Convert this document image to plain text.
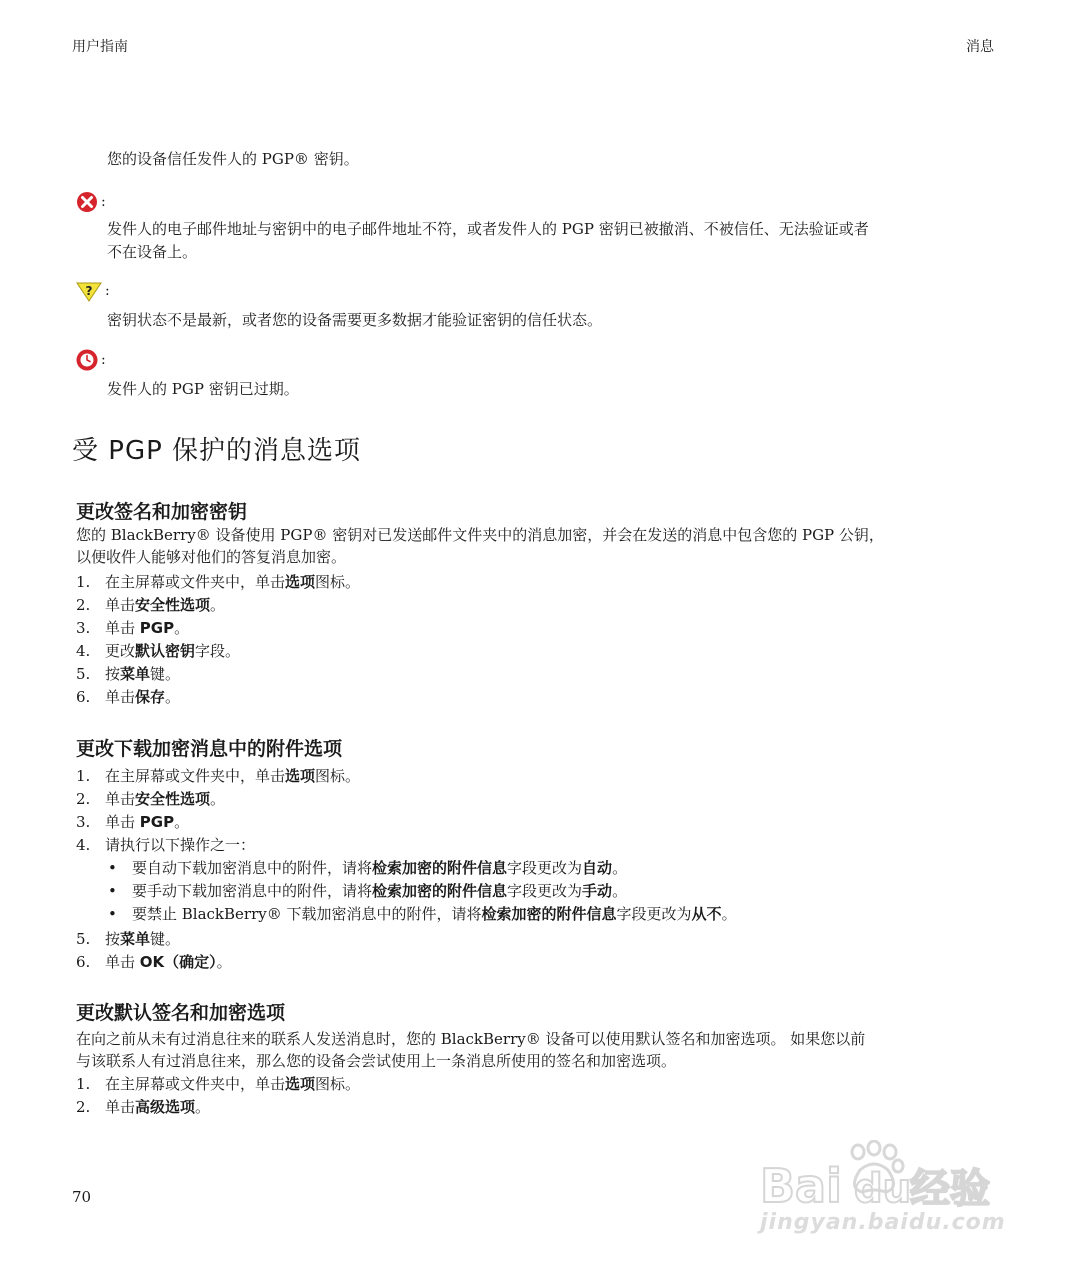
用户指南	消息
您的设备信任发件人的 PGP® 密钥。
:
发件人的电子邮件地址与密钥中的电子邮件地址不符，或者发件人的 PGP 密钥已被撤消、不被信任、无法验证或者
不在设备上。
? :
密钥状态不是最新，或者您的设备需要更多数据才能验证密钥的信任状态。
:
发件人的 PGP 密钥已过期。
受 PGP 保护的消息选项
更改签名和加密密钥
您的 BlackBerry® 设备使用 PGP® 密钥对已发送邮件文件夹中的消息加密，并会在发送的消息中包含您的 PGP 公钥，
以便收件人能够对他们的答复消息加密。
1. 在主屏幕或文件夹中，单击选项图标。
2. 单击安全性选项。
3. 单击 PGP。
4. 更改默认密钥字段。
5. 按菜单键。
6. 单击保存。
更改下载加密消息中的附件选项
1. 在主屏幕或文件夹中，单击选项图标。
2. 单击安全性选项。
3. 单击 PGP。
4. 请执行以下操作之一：
• 要自动下载加密消息中的附件，请将检索加密的附件信息字段更改为自动。
• 要手动下载加密消息中的附件，请将检索加密的附件信息字段更改为手动。
• 要禁止 BlackBerry® 下载加密消息中的附件，请将检索加密的附件信息字段更改为从不。
5. 按菜单键。
6. 单击 OK（确定）。
更改默认签名和加密选项
在向之前从未有过消息往来的联系人发送消息时，您的 BlackBerry® 设备可以使用默认签名和加密选项。 如果您以前
与该联系人有过消息往来，那么您的设备会尝试使用上一条消息所使用的签名和加密选项。
1. 在主屏幕或文件夹中，单击选项图标。
2. 单击高级选项。
70	Bai du
经验
jingyan.baidu.com
